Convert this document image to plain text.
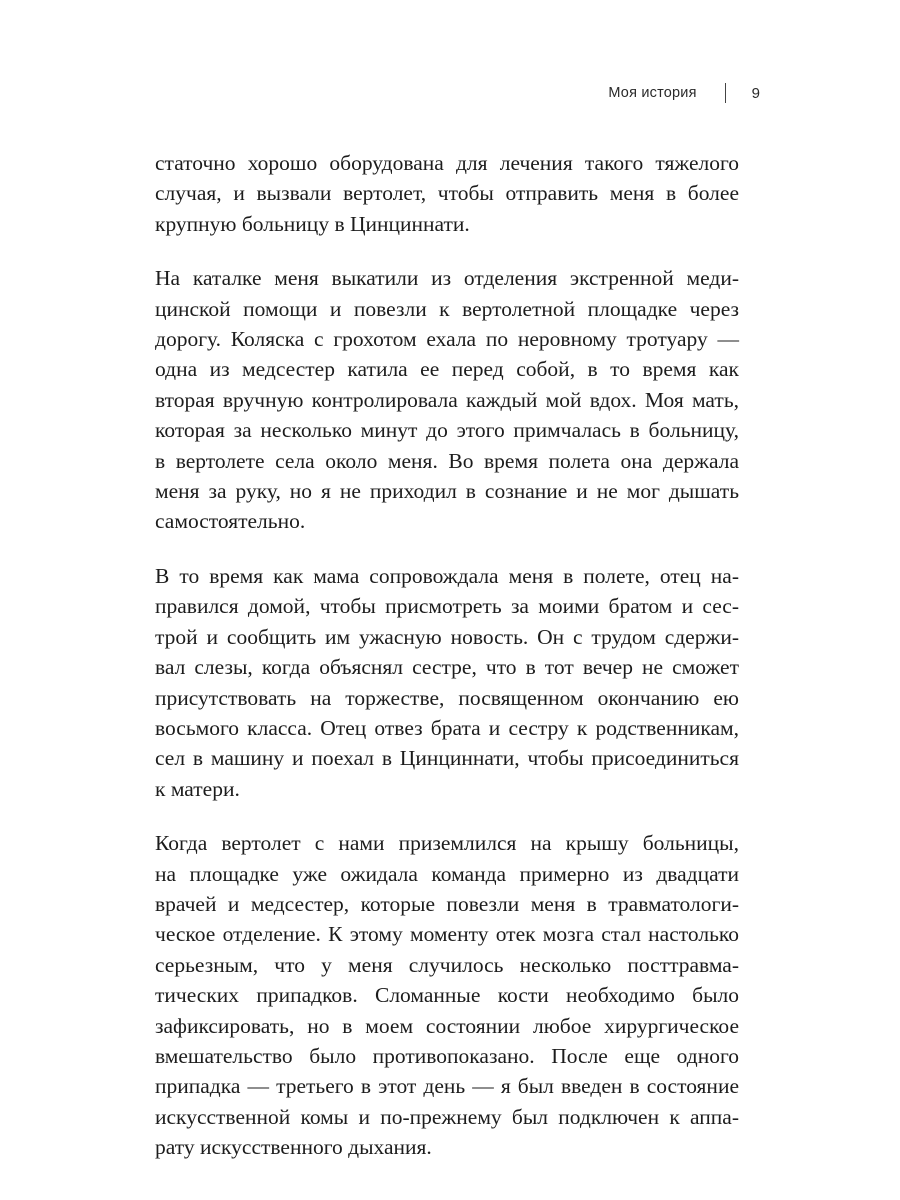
Моя история	9

статочно хорошо оборудована для лечения такого тяжелого
случая, и вызвали вертолет, чтобы отправить меня в более
крупную больницу в Цинциннати.

На каталке меня выкатили из отделения экстренной меди-
цинской помощи и повезли к вертолетной площадке через
дорогу. Коляска с грохотом ехала по неровному тротуару —
одна из медсестер катила ее перед собой, в то время как
вторая вручную контролировала каждый мой вдох. Моя мать,
которая за несколько минут до этого примчалась в больницу,
в вертолете села около меня. Во время полета она держала
меня за руку, но я не приходил в сознание и не мог дышать
самостоятельно.

В то время как мама сопровождала меня в полете, отец на-
правился домой, чтобы присмотреть за моими братом и сес-
трой и сообщить им ужасную новость. Он с трудом сдержи-
вал слезы, когда объяснял сестре, что в тот вечер не сможет
присутствовать на торжестве, посвященном окончанию ею
восьмого класса. Отец отвез брата и сестру к родственникам,
сел в машину и поехал в Цинциннати, чтобы присоединиться
к матери.

Когда вертолет с нами приземлился на крышу больницы,
на площадке уже ожидала команда примерно из двадцати
врачей и медсестер, которые повезли меня в травматологи-
ческое отделение. К этому моменту отек мозга стал настолько
серьезным, что у меня случилось несколько посттравма-
тических припадков. Сломанные кости необходимо было
зафиксировать, но в моем состоянии любое хирургическое
вмешательство было противопоказано. После еще одного
припадка — третьего в этот день — я был введен в состояние
искусственной комы и по-прежнему был подключен к аппа-
рату искусственного дыхания.
